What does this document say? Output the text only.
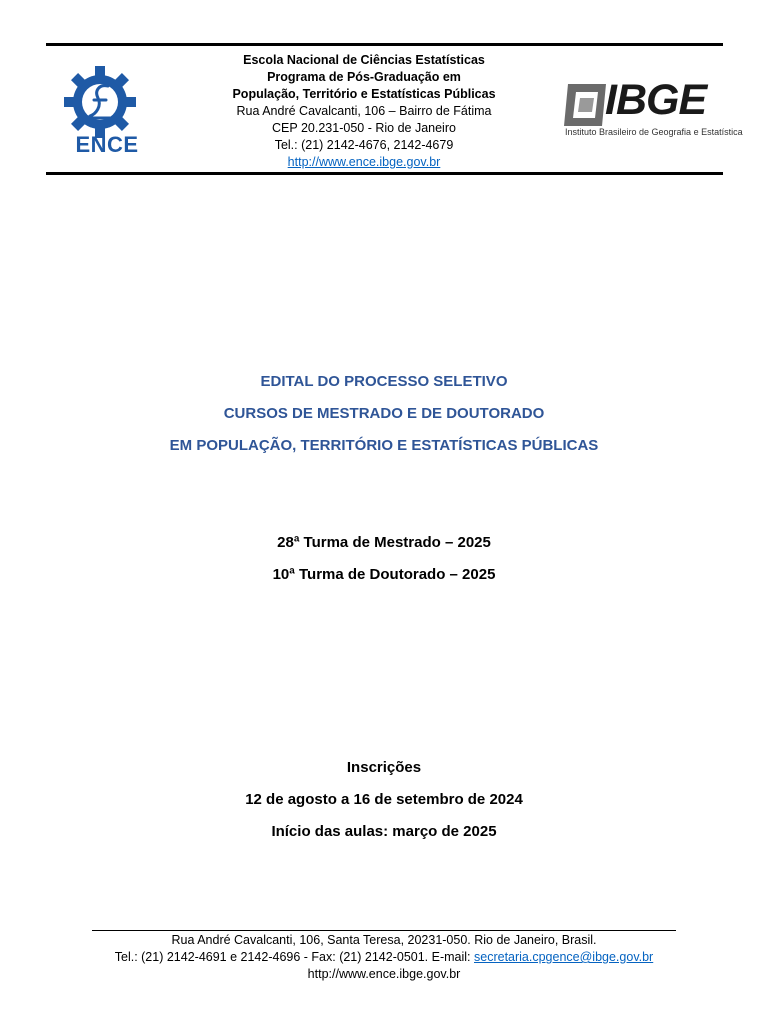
ENCE
Escola Nacional de Ciências Estatísticas
Programa de Pós-Graduação em
População, Território e Estatísticas Públicas
Rua André Cavalcanti, 106 – Bairro de Fátima
CEP 20.231-050 - Rio de Janeiro
Tel.: (21) 2142-4676, 2142-4679
http://www.ence.ibge.gov.br
IBGE
Instituto Brasileiro de Geografia e Estatística
EDITAL DO PROCESSO SELETIVO
CURSOS DE MESTRADO E DE DOUTORADO
EM POPULAÇÃO, TERRITÓRIO E ESTATÍSTICAS PÚBLICAS
28ª Turma de Mestrado – 2025
10ª Turma de Doutorado – 2025
Inscrições
12 de agosto a 16 de setembro de 2024
Início das aulas: março de 2025
Rua André Cavalcanti, 106, Santa Teresa, 20231-050. Rio de Janeiro, Brasil.
Tel.: (21) 2142-4691 e 2142-4696 - Fax: (21) 2142-0501. E-mail: secretaria.cpgence@ibge.gov.br
http://www.ence.ibge.gov.br
